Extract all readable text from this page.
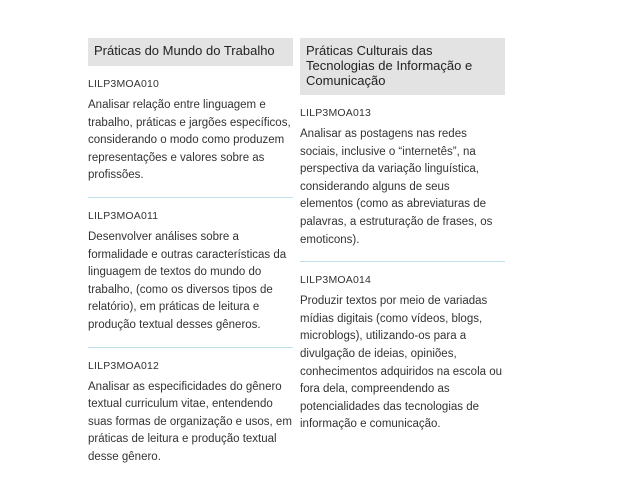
Práticas do Mundo do Trabalho
LILP3MOA010
Analisar relação entre linguagem e trabalho, práticas e jargões específicos, considerando o modo como produzem representações e valores sobre as profissões.
LILP3MOA011
Desenvolver análises sobre a formalidade e outras características da linguagem de textos do mundo do trabalho, (como os diversos tipos de relatório), em práticas de leitura e produção textual desses gêneros.
LILP3MOA012
Analisar as especificidades do gênero textual curriculum vitae, entendendo suas formas de organização e usos, em práticas de leitura e produção textual desse gênero.
Práticas Culturais das Tecnologias de Informação e Comunicação
LILP3MOA013
Analisar as postagens nas redes sociais, inclusive o “internetês”, na perspectiva da variação linguística, considerando alguns de seus elementos (como as abreviaturas de palavras, a estruturação de frases, os emoticons).
LILP3MOA014
Produzir textos por meio de variadas mídias digitais (como vídeos, blogs, microblogs), utilizando-os para a divulgação de ideias, opiniões, conhecimentos adquiridos na escola ou fora dela, compreendendo as potencialidades das tecnologias de informação e comunicação.
